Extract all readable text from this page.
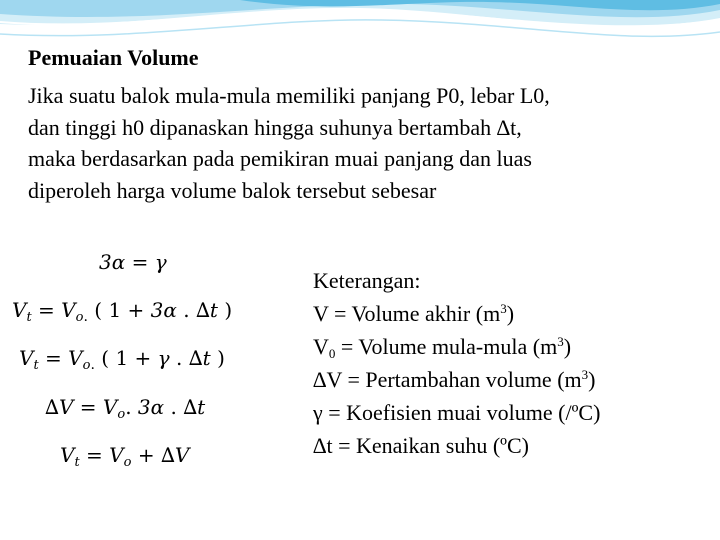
Pemuaian Volume
Jika suatu balok mula-mula memiliki panjang P0, lebar L0,
dan tinggi h0 dipanaskan hingga suhunya bertambah ∆t,
maka berdasarkan pada pemikiran muai panjang dan luas
diperoleh harga volume balok tersebut sebesar
3α = γ
$V_t = V_{o.}$ ( 1 + 3α . ∆t )
$V_t = V_{o.}$ ( 1 + γ . ∆t )
$\Delta V = V_o$. 3α . ∆t
$V_t = V_o + \Delta V$
Keterangan:
V = Volume akhir $(m^3)$
$V_0$ = Volume mula-mula $(m^3)$
∆V = Pertambahan volume $(m^3)$
γ = Koefisien muai volume (/ºC)
∆t = Kenaikan suhu (ºC)
